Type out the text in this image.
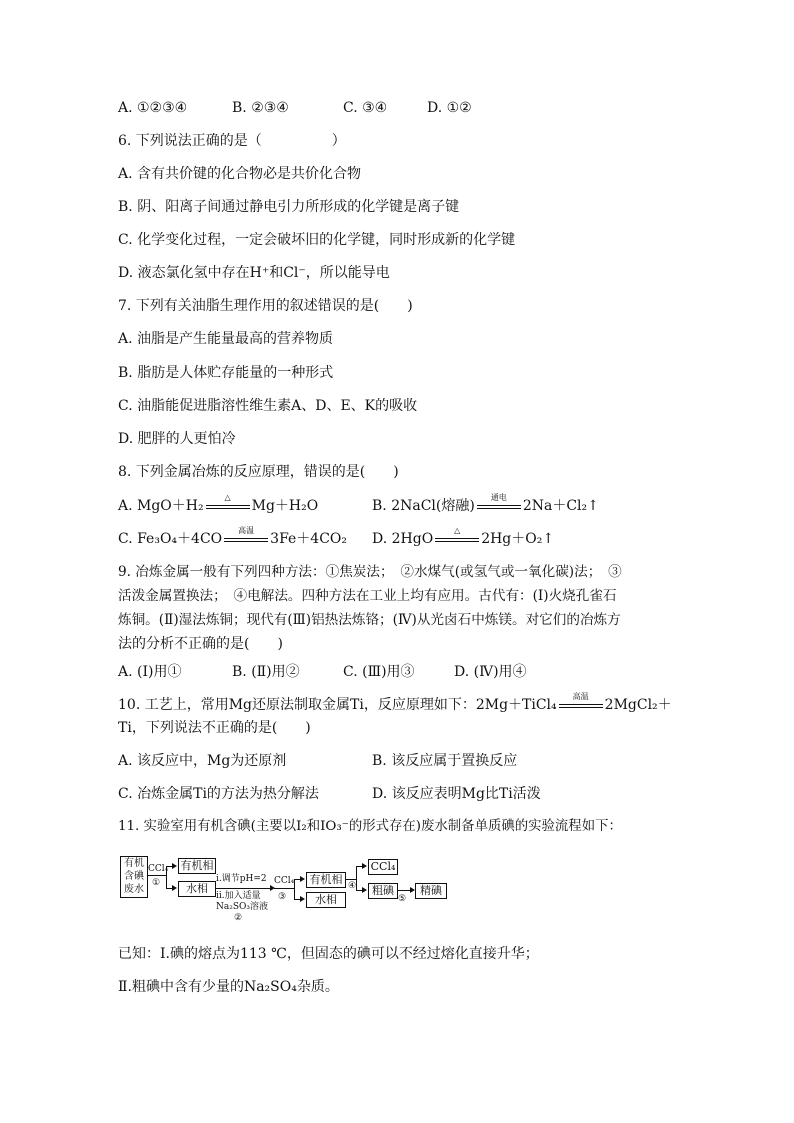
A. ①②③④	B. ②③④	C. ③④	D. ①②
6. 下列说法正确的是（　　　　　）
A. 含有共价键的化合物必是共价化合物
B. 阴、阳离子间通过静电引力所形成的化学键是离子键
C. 化学变化过程，一定会破坏旧的化学键，同时形成新的化学键
D. 液态氯化氢中存在H⁺和Cl⁻，所以能导电
7. 下列有关油脂生理作用的叙述错误的是(　　)
A. 油脂是产生能量最高的营养物质
B. 脂肪是人体贮存能量的一种形式
C. 油脂能促进脂溶性维生素A、D、E、K的吸收
D. 肥胖的人更怕冷
8. 下列金属冶炼的反应原理，错误的是(　　)
A. MgO＋H₂
△
Mg＋H₂O	B. 2NaCl(熔融)
通电
2Na＋Cl₂↑
C. Fe₃O₄＋4CO
高温
3Fe＋4CO₂ D. 2HgO
△
2Hg＋O₂↑
9. 冶炼金属一般有下列四种方法：①焦炭法；　②水煤气(或氢气或一氧化碳)法；　③
活泼金属置换法；　④电解法。四种方法在工业上均有应用。古代有：(Ⅰ)火烧孔雀石
炼铜。(Ⅱ)湿法炼铜；现代有(Ⅲ)铝热法炼铬；(Ⅳ)从光卤石中炼镁。对它们的冶炼方
法的分析不正确的是(　　)
A. (Ⅰ)用①	B. (Ⅱ)用②	C. (Ⅲ)用③	D. (Ⅳ)用④
10. 工艺上，常用Mg还原法制取金属Ti，反应原理如下：2Mg＋TiCl₄
高温
2MgCl₂＋
Ti，下列说法不正确的是(　　)
A. 该反应中，Mg为还原剂	B. 该反应属于置换反应
C. 冶炼金属Ti的方法为热分解法	D. 该反应表明Mg比Ti活泼
11. 实验室用有机含碘(主要以I₂和IO₃⁻的形式存在)废水制备单质碘的实验流程如下：
有机含碘废水
CCl₄
①
有机相
水相
i.调节pH=2
ii.加入适量
Na₂SO₃溶液
②
CCl₄
③
有机相
水相
④
CCl₄
粗碘
⑤
精碘
已知：Ⅰ.碘的熔点为113 ℃，但固态的碘可以不经过熔化直接升华；
Ⅱ.粗碘中含有少量的Na₂SO₄杂质。
